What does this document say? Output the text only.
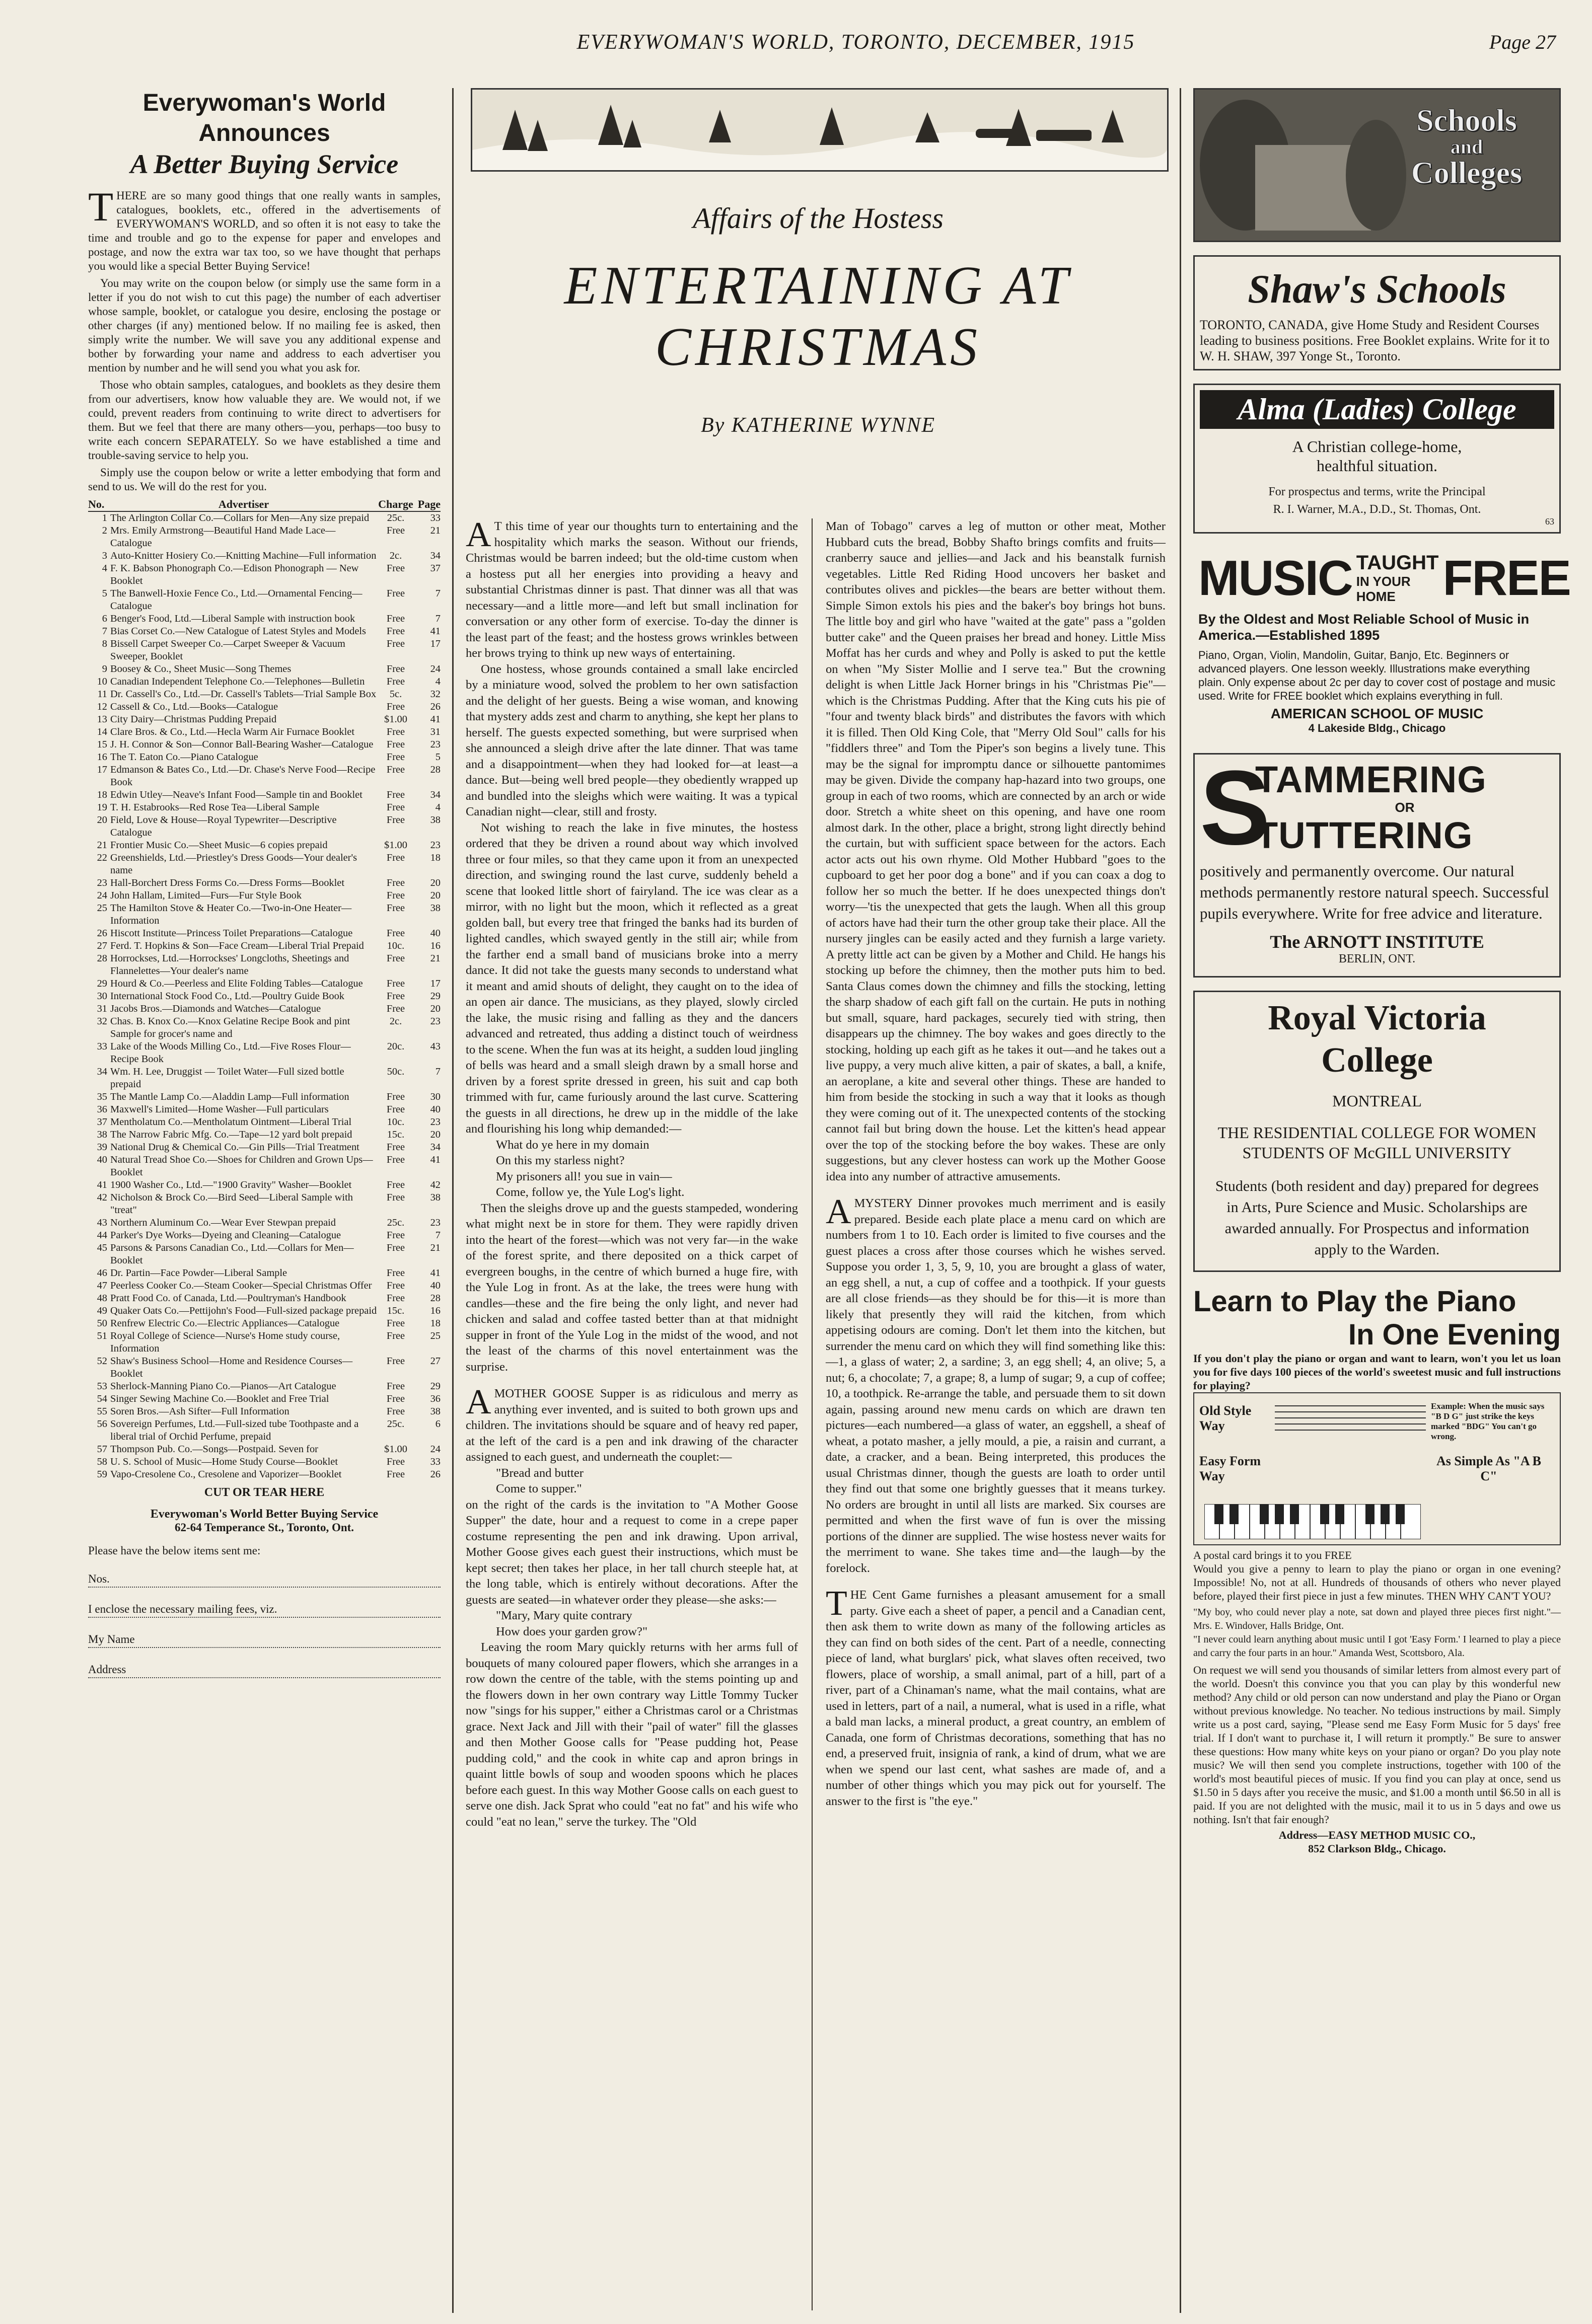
EVERYWOMAN'S WORLD, TORONTO, DECEMBER, 1915	Page 27
Everywoman's World
Announces
A Better Buying Service

THERE are so many good things that one really wants in samples, catalogues, booklets, etc., offered in the advertisements of EVERYWOMAN'S WORLD, and so often it is not easy to take the time and trouble and go to the expense for paper and envelopes and postage, and now the extra war tax too, so we have thought that perhaps you would like a special Better Buying Service!

You may write on the coupon below (or simply use the same form in a letter if you do not wish to cut this page) the number of each advertiser whose sample, booklet, or catalogue you desire, enclosing the postage or other charges (if any) mentioned below. If no mailing fee is asked, then simply write the number. We will save you any additional expense and bother by forwarding your name and address to each advertiser you mention by number and he will send you what you ask for.

Those who obtain samples, catalogues, and booklets as they desire them from our advertisers, know how valuable they are. We would not, if we could, prevent readers from continuing to write direct to advertisers for them. But we feel that there are many others—you, perhaps—too busy to write each concern SEPARATELY. So we have established a time and trouble-saving service to help you.

Simply use the coupon below or write a letter embodying that form and send to us. We will do the rest for you.

No.	Advertiser	Charge Page
1 The Arlington Collar Co.—Collars for Men—Any size prepaid	25c.	33
2 Mrs. Emily Armstrong—Beautiful Hand Made Lace—Catalogue
Free	21
3 Auto-Knitter Hosiery Co.—Knitting Machine—Full information	2c.	34
4 F. K. Babson Phonograph Co.—Edison Phonograph — New Booklet
Free	37
5 The Banwell-Hoxie Fence Co., Ltd.—Ornamental Fencing—Catalogue
Free	7
6 Benger's Food, Ltd.—Liberal Sample with instruction book	Free	7
7 Bias Corset Co.—New Catalogue of Latest Styles and Models	Free	41
8 Bissell Carpet Sweeper Co.—Carpet Sweeper & Vacuum Sweeper, Booklet
Free	17
9 Boosey & Co., Sheet Music—Song Themes	Free	24
10 Canadian Independent Telephone Co.—Telephones—Bulletin	Free	4
11 Dr. Cassell's Co., Ltd.—Dr. Cassell's Tablets—Trial Sample Box	5c.	32
12 Cassell & Co., Ltd.—Books—Catalogue	Free	26
13 City Dairy—Christmas Pudding Prepaid	$1.00	41
14 Clare Bros. & Co., Ltd.—Hecla Warm Air Furnace Booklet	Free	31
15 J. H. Connor & Son—Connor Ball-Bearing Washer—Catalogue	Free	23
16 The T. Eaton Co.—Piano Catalogue	Free	5
17 Edmanson & Bates Co., Ltd.—Dr. Chase's Nerve Food—Recipe Book
Free	28
18 Edwin Utley—Neave's Infant Food—Sample tin and Booklet	Free	34
19 T. H. Estabrooks—Red Rose Tea—Liberal Sample	Free	4
20 Field, Love & House—Royal Typewriter—Descriptive Catalogue
Free	38
21 Frontier Music Co.—Sheet Music—6 copies prepaid	$1.00	23
22 Greenshields, Ltd.—Priestley's Dress Goods—Your dealer's name
Free	18
23 Hall-Borchert Dress Forms Co.—Dress Forms—Booklet	Free	20
24 John Hallam, Limited—Furs—Fur Style Book	Free	20
25 The Hamilton Stove & Heater Co.—Two-in-One Heater—Information
Free	38
26 Hiscott Institute—Princess Toilet Preparations—Catalogue	Free	40
27 Ferd. T. Hopkins & Son—Face Cream—Liberal Trial Prepaid	10c.	16
28 Horrockses, Ltd.—Horrockses' Longcloths, Sheetings and Flannelettes—Your dealer's name
Free	21
29 Hourd & Co.—Peerless and Elite Folding Tables—Catalogue	Free	17
30 International Stock Food Co., Ltd.—Poultry Guide Book	Free	29
31 Jacobs Bros.—Diamonds and Watches—Catalogue	Free	20
32 Chas. B. Knox Co.—Knox Gelatine Recipe Book and pint Sample for grocer's name and
2c.	23
33 Lake of the Woods Milling Co., Ltd.—Five Roses Flour—Recipe Book
20c.	43
34 Wm. H. Lee, Druggist — Toilet Water—Full sized bottle prepaid
50c.	7
35 The Mantle Lamp Co.—Aladdin Lamp—Full information	Free	30
36 Maxwell's Limited—Home Washer—Full particulars	Free	40
37 Mentholatum Co.—Mentholatum Ointment—Liberal Trial	10c.	23
38 The Narrow Fabric Mfg. Co.—Tape—12 yard bolt prepaid	15c.	20
39 National Drug & Chemical Co.—Gin Pills—Trial Treatment	Free	34
40 Natural Tread Shoe Co.—Shoes for Children and Grown Ups—Booklet
Free	41
41 1900 Washer Co., Ltd.—"1900 Gravity" Washer—Booklet	Free	42
42 Nicholson & Brock Co.—Bird Seed—Liberal Sample with "treat"
Free	38
43 Northern Aluminum Co.—Wear Ever Stewpan prepaid	25c.	23
44 Parker's Dye Works—Dyeing and Cleaning—Catalogue	Free	7
45 Parsons & Parsons Canadian Co., Ltd.—Collars for Men—Booklet
Free	21
46 Dr. Partin—Face Powder—Liberal Sample	Free	41
47 Peerless Cooker Co.—Steam Cooker—Special Christmas Offer	Free	40
48 Pratt Food Co. of Canada, Ltd.—Poultryman's Handbook	Free	28
49 Quaker Oats Co.—Pettijohn's Food—Full-sized package prepaid	15c.	16
50 Renfrew Electric Co.—Electric Appliances—Catalogue	Free	18
51 Royal College of Science—Nurse's Home study course, Information
Free	25
52 Shaw's Business School—Home and Residence Courses—Booklet
Free	27
53 Sherlock-Manning Piano Co.—Pianos—Art Catalogue	Free	29
54 Singer Sewing Machine Co.—Booklet and Free Trial	Free	36
55 Soren Bros.—Ash Sifter—Full Information	Free	38
56 Sovereign Perfumes, Ltd.—Full-sized tube Toothpaste and a liberal trial of Orchid Perfume, prepaid
25c.	6
57 Thompson Pub. Co.—Songs—Postpaid. Seven for	$1.00	24
58 U. S. School of Music—Home Study Course—Booklet	Free	33
59 Vapo-Cresolene Co., Cresolene and Vaporizer—Booklet	Free	26
CUT OR TEAR HERE
Everywoman's World Better Buying Service
62-64 Temperance St., Toronto, Ont.
Please have the below items sent me:
Nos.
I enclose the necessary mailing fees, viz.
My Name
Address
Affairs of the Hostess
ENTERTAINING AT
CHRISTMAS
By KATHERINE WYNNE

A T this time of year our thoughts turn to entertaining and the hospitality which marks the season. Without our friends, Christmas would be barren indeed; but the old-time custom when a hostess put all her energies into providing a heavy and substantial Christmas dinner is past. That dinner was all that was necessary—and a little more—and left but small inclination for conversation or any other form of exercise. To-day the dinner is the least part of the feast; and the hostess grows wrinkles between her brows trying to think up new ways of entertaining.

One hostess, whose grounds contained a small lake encircled by a miniature wood, solved the problem to her own satisfaction and the delight of her guests. Being a wise woman, and knowing that mystery adds zest and charm to anything, she kept her plans to herself. The guests expected something, but were surprised when she announced a sleigh drive after the late dinner. That was tame and a disappointment—when they had looked for—at least—a dance. But—being well bred people—they obediently wrapped up and bundled into the sleighs which were waiting. It was a typical Canadian night—clear, still and frosty.

Not wishing to reach the lake in five minutes, the hostess ordered that they be driven a round about way which involved three or four miles, so that they came upon it from an unexpected direction, and swinging round the last curve, suddenly beheld a scene that looked little short of fairyland. The ice was clear as a mirror, with no light but the moon, which it reflected as a great golden ball, but every tree that fringed the banks had its burden of lighted candles, which swayed gently in the still air; while from the farther end a small band of musicians broke into a merry dance. It did not take the guests many seconds to understand what it meant and amid shouts of delight, they caught on to the idea of an open air dance. The musicians, as they played, slowly circled the lake, the music rising and falling as they and the dancers advanced and retreated, thus adding a distinct touch of weirdness to the scene. When the fun was at its height, a sudden loud jingling of bells was heard and a small sleigh drawn by a small horse and driven by a forest sprite dressed in green, his suit and cap both trimmed with fur, came furiously around the last curve. Scattering the guests in all directions, he drew up in the middle of the lake and flourishing his long whip demanded:—

What do ye here in my domain

On this my starless night?

My prisoners all! you sue in vain—

Come, follow ye, the Yule Log's light.

Then the sleighs drove up and the guests stampeded, wondering what might next be in store for them. They were rapidly driven into the heart of the forest—which was not very far—in the wake of the forest sprite, and there deposited on a thick carpet of evergreen boughs, in the centre of which burned a huge fire, with the Yule Log in front. As at the lake, the trees were hung with candles—these and the fire being the only light, and never had chicken and salad and coffee tasted better than at that midnight supper in front of the Yule Log in the midst of the wood, and not the least of the charms of this novel entertainment was the surprise.

AMOTHER GOOSE Supper is as ridiculous and merry as anything ever invented, and is suited to both grown ups and children. The invitations should be square and of heavy red paper, at the left of the card is a pen and ink drawing of the character assigned to each guest, and underneath the couplet:—

"Bread and butter

Come to supper."

on the right of the cards is the invitation to "A Mother Goose Supper" the date, hour and a request to come in a crepe paper costume representing the pen and ink drawing. Upon arrival, Mother Goose gives each guest their instructions, which must be kept secret; then takes her place, in her tall church steeple hat, at the long table, which is entirely without decorations. After the guests are seated—in whatever order they please—she asks:—

"Mary, Mary quite contrary

How does your garden grow?"

Leaving the room Mary quickly returns with her arms full of bouquets of many coloured paper flowers, which she arranges in a row down the centre of the table, with the stems pointing up and the flowers down in her own contrary way Little Tommy Tucker now "sings for his supper," either a Christmas carol or a Christmas grace. Next Jack and Jill with their "pail of water" fill the glasses and then Mother Goose calls for "Pease pudding hot, Pease pudding cold," and the cook in white cap and apron brings in quaint little bowls of soup and wooden spoons which he places before each guest. In this way Mother Goose calls on each guest to serve one dish. Jack Sprat who could "eat no fat" and his wife who could "eat no lean," serve the turkey. The "Old

Man of Tobago" carves a leg of mutton or other meat, Mother Hubbard cuts the bread, Bobby Shafto brings comfits and fruits—cranberry sauce and jellies—and Jack and his beanstalk furnish vegetables. Little Red Riding Hood uncovers her basket and contributes olives and pickles—the bears are better without them. Simple Simon extols his pies and the baker's boy brings hot buns. The little boy and girl who have "waited at the gate" pass a "golden butter cake" and the Queen praises her bread and honey. Little Miss Moffat has her curds and whey and Polly is asked to put the kettle on when "My Sister Mollie and I serve tea." But the crowning delight is when Little Jack Horner brings in his "Christmas Pie"—which is the Christmas Pudding. After that the King cuts his pie of "four and twenty black birds" and distributes the favors with which it is filled. Then Old King Cole, that "Merry Old Soul" calls for his "fiddlers three" and Tom the Piper's son begins a lively tune. This may be the signal for impromptu dance or silhouette pantomimes may be given. Divide the company hap-hazard into two groups, one group in each of two rooms, which are connected by an arch or wide door. Stretch a white sheet on this opening, and have one room almost dark. In the other, place a bright, strong light directly behind the curtain, but with sufficient space between for the actors. Each actor acts out his own rhyme. Old Mother Hubbard "goes to the cupboard to get her poor dog a bone" and if you can coax a dog to follow her so much the better. If he does unexpected things don't worry—'tis the unexpected that gets the laugh. When all this group of actors have had their turn the other group take their place. All the nursery jingles can be easily acted and they furnish a large variety. A pretty little act can be given by a Mother and Child. He hangs his stocking up before the chimney, then the mother puts him to bed. Santa Claus comes down the chimney and fills the stocking, letting the sharp shadow of each gift fall on the curtain. He puts in nothing but small, square, hard packages, securely tied with string, then disappears up the chimney. The boy wakes and goes directly to the stocking, holding up each gift as he takes it out—and he takes out a live puppy, a very much alive kitten, a pair of skates, a ball, a knife, an aeroplane, a kite and several other things. These are handed to him from beside the stocking in such a way that it looks as though they were coming out of it. The unexpected contents of the stocking cannot fail but bring down the house. Let the kitten's head appear over the top of the stocking before the boy wakes. These are only suggestions, but any clever hostess can work up the Mother Goose idea into any number of attractive amusements.

AMYSTERY Dinner provokes much merriment and is easily prepared. Beside each plate place a menu card on which are numbers from 1 to 10. Each order is limited to five courses and the guest places a cross after those courses which he wishes served. Suppose you order 1, 3, 5, 9, 10, you are brought a glass of water, an egg shell, a nut, a cup of coffee and a toothpick. If your guests are all close friends—as they should be for this—it is more than likely that presently they will raid the kitchen, from which appetising odours are coming. Don't let them into the kitchen, but surrender the menu card on which they will find something like this:—1, a glass of water; 2, a sardine; 3, an egg shell; 4, an olive; 5, a nut; 6, a chocolate; 7, a grape; 8, a lump of sugar; 9, a cup of coffee; 10, a toothpick. Re-arrange the table, and persuade them to sit down again, passing around new menu cards on which are drawn ten pictures—each numbered—a glass of water, an eggshell, a sheaf of wheat, a potato masher, a jelly mould, a pie, a raisin and currant, a date, a cracker, and a bean. Being interpreted, this produces the usual Christmas dinner, though the guests are loath to order until they find out that some one brightly guesses that it means turkey. No orders are brought in until all lists are marked. Six courses are permitted and when the first wave of fun is over the missing portions of the dinner are supplied. The wise hostess never waits for the merriment to wane. She takes time and—the laugh—by the forelock.

THE Cent Game furnishes a pleasant amusement for a small party. Give each a sheet of paper, a pencil and a Canadian cent, then ask them to write down as many of the following articles as they can find on both sides of the cent. Part of a needle, connecting piece of land, what burglars' pick, what slaves often received, two flowers, place of worship, a small animal, part of a hill, part of a river, part of a Chinaman's name, what the mail contains, what are used in letters, part of a nail, a numeral, what is used in a rifle, what a bald man lacks, a mineral product, a great country, an emblem of Canada, one form of Christmas decorations, something that has no end, a preserved fruit, insignia of rank, a kind of drum, what we are when we spend our last cent, what sashes are made of, and a number of other things which you may pick out for yourself. The answer to the first is "the eye."

Schools
and
Colleges
Shaw's Schools
TORONTO, CANADA, give Home Study and Resident Courses leading to business positions. Free Booklet explains. Write for it to W. H. SHAW, 397 Yonge St., Toronto.
Alma (Ladies) College
A Christian college-home,
healthful situation.
For prospectus and terms, write the Principal
R. I. Warner, M.A., D.D., St. Thomas, Ont.
63
MUSIC TAUGHT
IN YOUR HOME FREE
By the Oldest and Most Reliable School of Music in America.—Established 1895
Piano, Organ, Violin, Mandolin, Guitar, Banjo, Etc. Beginners or advanced players. One lesson weekly. Illustrations make everything plain. Only expense about 2c per day to cover cost of postage and music used. Write for FREE booklet which explains everything in full.
AMERICAN SCHOOL OF MUSIC
4 Lakeside Bldg., Chicago
S
TAMMERING
OR
TUTTERING
positively and permanently overcome. Our natural methods permanently restore natural speech. Successful pupils everywhere. Write for free advice and literature.
The ARNOTT INSTITUTE
BERLIN, ONT.
Royal Victoria
College
MONTREAL
THE RESIDENTIAL COLLEGE FOR WOMEN STUDENTS OF McGILL UNIVERSITY
Students (both resident and day) prepared for degrees in Arts, Pure Science and Music. Scholarships are awarded annually. For Prospectus and information apply to the Warden.
Learn to Play the Piano
In One Evening
If you don't play the piano or organ and want to learn, won't you let us loan you for five days 100 pieces of the world's sweetest music and full instructions for playing?
Old Style Way
Easy Form Way
Example: When the music says "B D G" just strike the keys marked "BDG" You can't go wrong.
As Simple As "A B C"
A postal card brings it to you FREE
Would you give a penny to learn to play the piano or organ in one evening? Impossible! No, not at all. Hundreds of thousands of others who never played before, played their first piece in just a few minutes. THEN WHY CAN'T YOU?
"My boy, who could never play a note, sat down and played three pieces first night."—Mrs. E. Windover, Halls Bridge, Ont.
"I never could learn anything about music until I got 'Easy Form.' I learned to play a piece and carry the four parts in an hour." Amanda West, Scottsboro, Ala.
On request we will send you thousands of similar letters from almost every part of the world. Doesn't this convince you that you can play by this wonderful new method? Any child or old person can now understand and play the Piano or Organ without previous knowledge. No teacher. No tedious instructions by mail. Simply write us a post card, saying, "Please send me Easy Form Music for 5 days' free trial. If I don't want to purchase it, I will return it promptly." Be sure to answer these questions: How many white keys on your piano or organ? Do you play note music? We will then send you complete instructions, together with 100 of the world's most beautiful pieces of music. If you find you can play at once, send us $1.50 in 5 days after you receive the music, and $1.00 a month until $6.50 in all is paid. If you are not delighted with the music, mail it to us in 5 days and owe us nothing. Isn't that fair enough?
Address—EASY METHOD MUSIC CO.,
852 Clarkson Bldg., Chicago.
